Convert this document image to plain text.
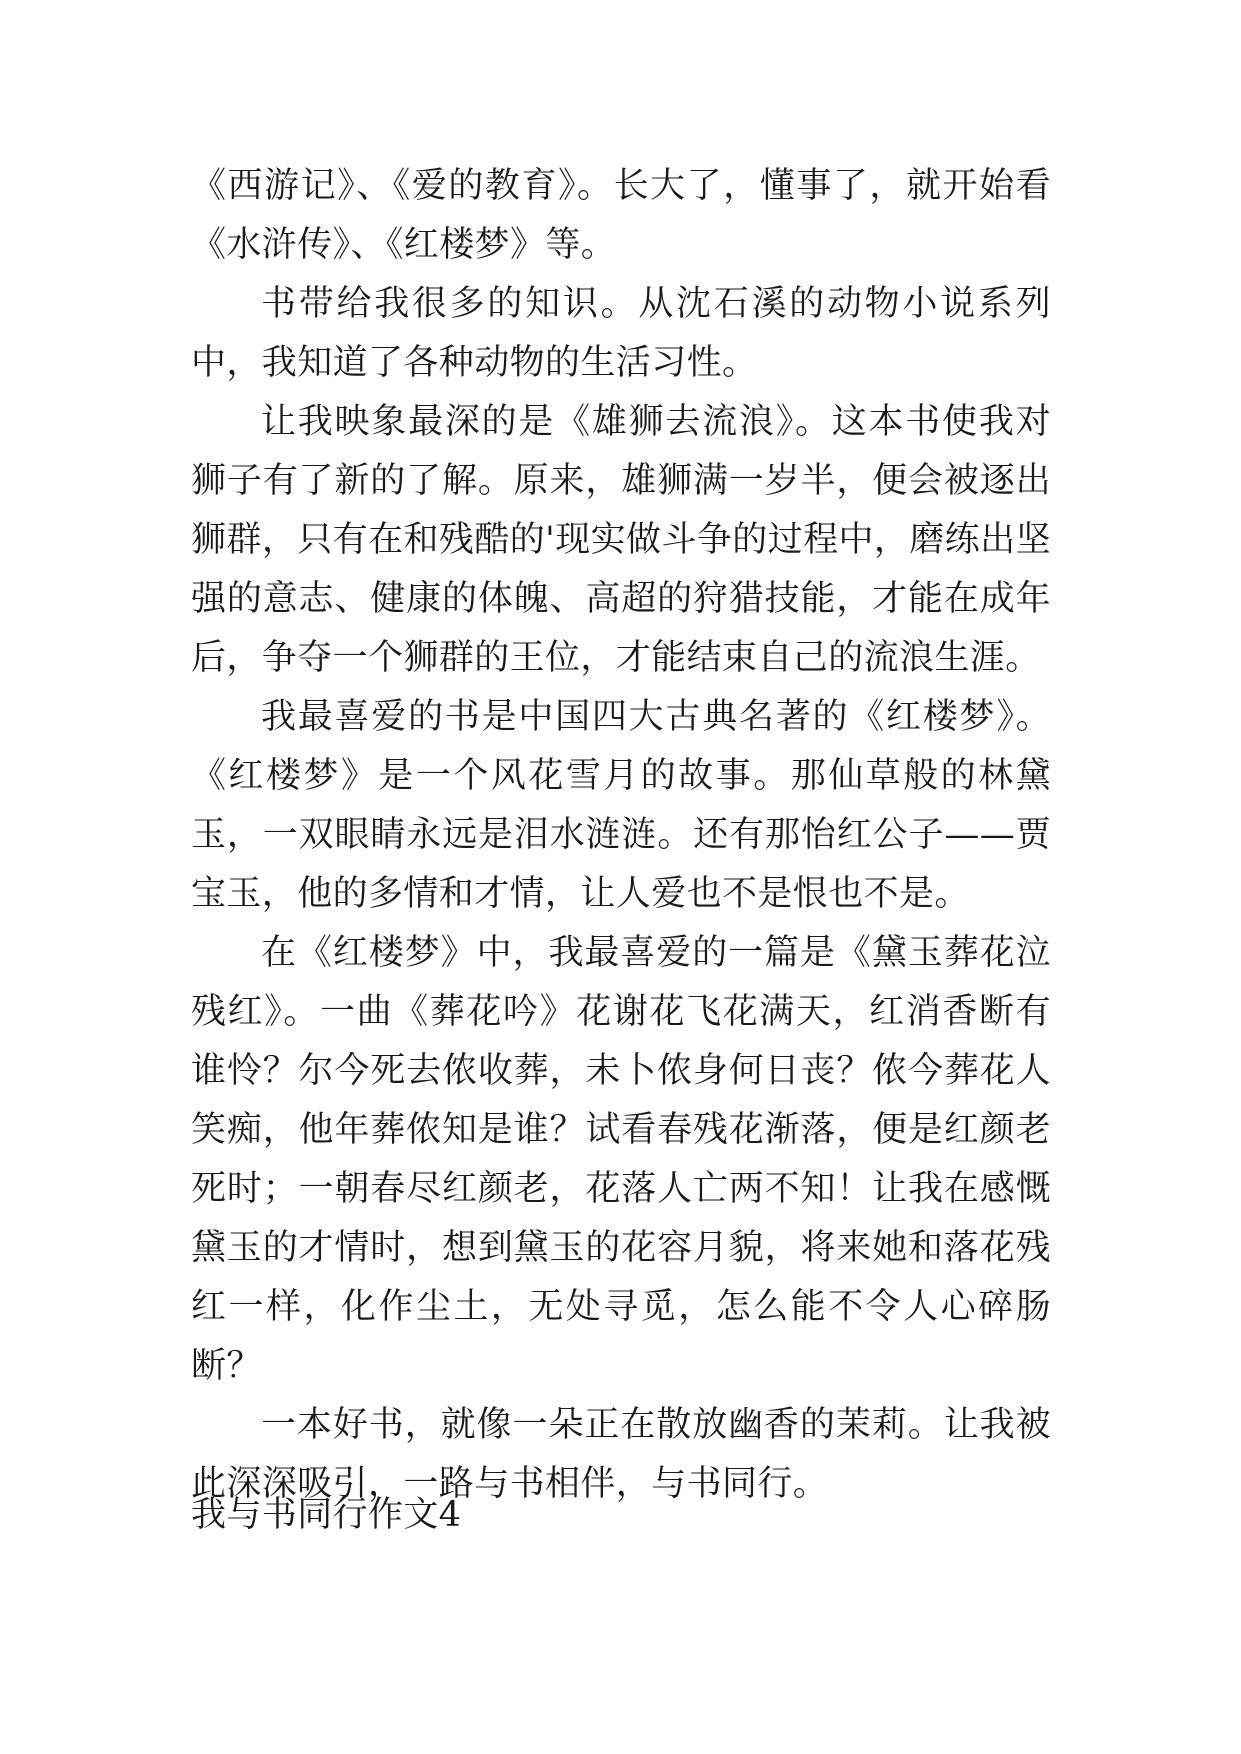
《西游记》、《爱的教育》。长大了，懂事了，就开始看《水浒传》、《红楼梦》等。

书带给我很多的知识。从沈石溪的动物小说系列中，我知道了各种动物的生活习性。

让我映象最深的是《雄狮去流浪》。这本书使我对狮子有了新的了解。原来，雄狮满一岁半，便会被逐出狮群，只有在和残酷的'现实做斗争的过程中，磨练出坚强的意志、健康的体魄、高超的狩猎技能，才能在成年后，争夺一个狮群的王位，才能结束自己的流浪生涯。

我最喜爱的书是中国四大古典名著的《红楼梦》。《红楼梦》是一个风花雪月的故事。那仙草般的林黛玉，一双眼睛永远是泪水涟涟。还有那怡红公子——贾宝玉，他的多情和才情，让人爱也不是恨也不是。

在《红楼梦》中，我最喜爱的一篇是《黛玉葬花泣残红》。一曲《葬花吟》花谢花飞花满天，红消香断有谁怜？尔今死去侬收葬，未卜侬身何日丧？侬今葬花人笑痴，他年葬侬知是谁？试看春残花渐落，便是红颜老死时；一朝春尽红颜老，花落人亡两不知！让我在感慨黛玉的才情时，想到黛玉的花容月貌，将来她和落花残红一样，化作尘土，无处寻觅，怎么能不令人心碎肠断？

一本好书，就像一朵正在散放幽香的茉莉。让我被此深深吸引，一路与书相伴，与书同行。

我与书同行作文4
